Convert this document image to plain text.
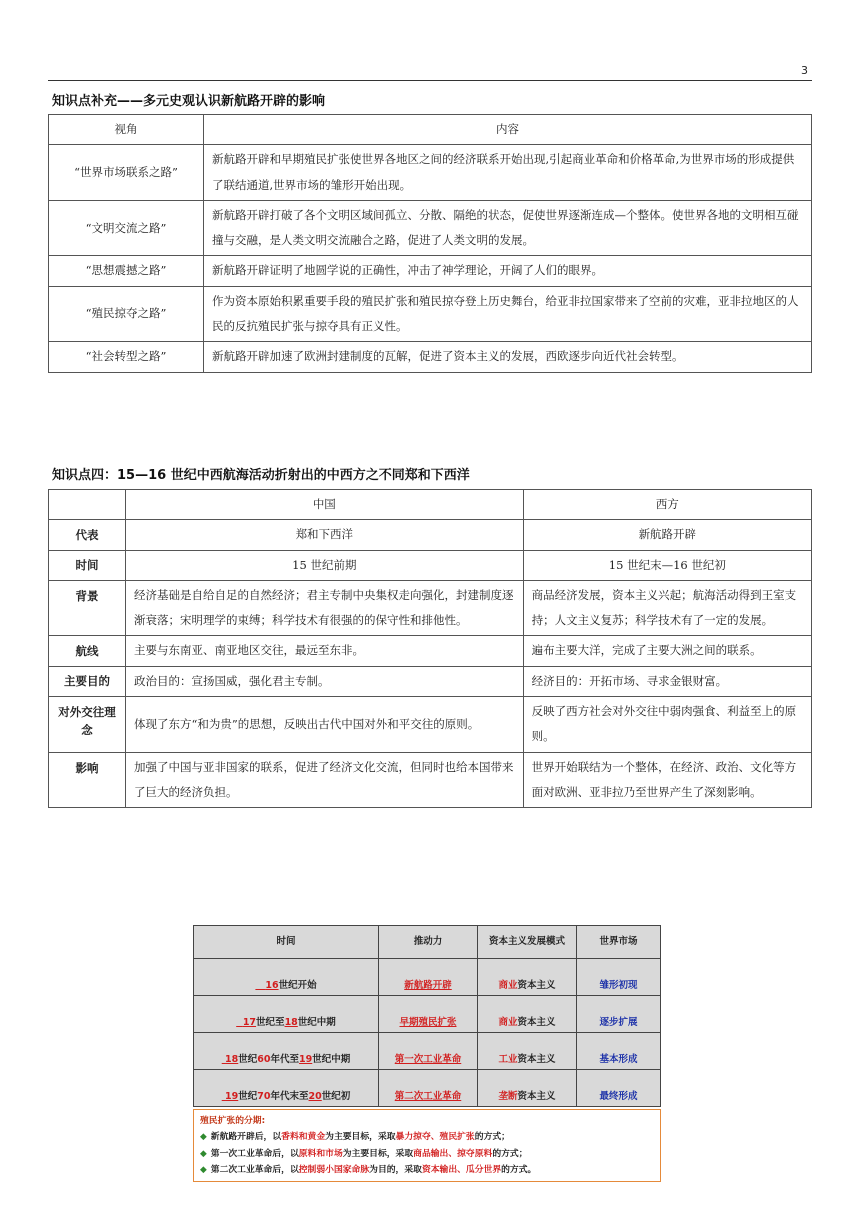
3
知识点补充——多元史观认识新航路开辟的影响
视角	内容
“世界市场联系之路”	新航路开辟和早期殖民扩张使世界各地区之间的经济联系开始出现,引起商业革命和价格革命,为世界市场的形成提供了联结通道,世界市场的雏形开始出现。
“文明交流之路”	新航路开辟打破了各个文明区域间孤立、分散、隔绝的状态，促使世界逐渐连成—个整体。使世界各地的文明相互碰撞与交融，是人类文明交流融合之路，促进了人类文明的发展。
“思想震撼之路”	新航路开辟证明了地圆学说的正确性，冲击了神学理论，开阔了人们的眼界。
“殖民掠夺之路”	作为资本原始积累重要手段的殖民扩张和殖民掠夺登上历史舞台，给亚非拉国家带来了空前的灾难，亚非拉地区的人民的反抗殖民扩张与掠夺具有正义性。
“社会转型之路”	新航路开辟加速了欧洲封建制度的瓦解，促进了资本主义的发展，西欧逐步向近代社会转型。
知识点四：15—16 世纪中西航海活动折射出的中西方之不同郑和下西洋
	中国	西方
代表	郑和下西洋	新航路开辟
时间	15 世纪前期	15 世纪末—16 世纪初
背景	经济基础是自给自足的自然经济；君主专制中央集权走向强化，封建制度逐渐衰落；宋明理学的束缚；科学技术有很强的的保守性和排他性。	商品经济发展，资本主义兴起；航海活动得到王室支持；人文主义复苏；科学技术有了一定的发展。
航线	主要与东南亚、南亚地区交往，最远至东非。	遍布主要大洋，完成了主要大洲之间的联系。
主要目的	政治目的：宣扬国威，强化君主专制。	经济目的：开拓市场、寻求金银财富。
对外交往理念	体现了东方“和为贵”的思想，反映出古代中国对外和平交往的原则。	反映了西方社会对外交往中弱肉强食、利益至上的原则。
影响	加强了中国与亚非国家的联系，促进了经济文化交流，但同时也给本国带来了巨大的经济负担。	世界开始联结为一个整体，在经济、政治、文化等方面对欧洲、亚非拉乃至世界产生了深刻影响。
时间	推动力	资本主义发展模式	世界市场
16世纪开始	新航路开辟	商业资本主义	雏形初现
17世纪至18世纪中期	早期殖民扩张	商业资本主义	逐步扩展
18世纪60年代至19世纪中期	第一次工业革命	工业资本主义	基本形成
19世纪70年代末至20世纪初	第二次工业革命	垄断资本主义	最终形成
殖民扩张的分期:
◆ 新航路开辟后，以香料和黄金为主要目标，采取暴力掠夺、殖民扩张的方式；
◆ 第一次工业革命后，以原料和市场为主要目标，采取商品输出、掠夺原料的方式；
◆ 第二次工业革命后，以控制弱小国家命脉为目的，采取资本输出、瓜分世界的方式。
